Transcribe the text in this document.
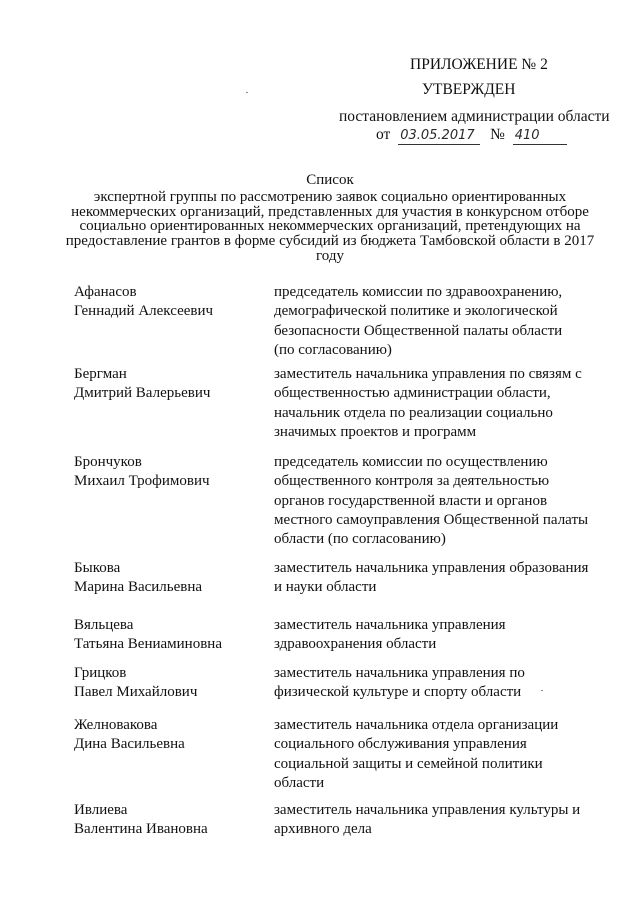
ПРИЛОЖЕНИЕ № 2
УТВЕРЖДЕН
постановлением администрации области
от 03.05.2017 № 410
Список
экспертной группы по рассмотрению заявок социально ориентированных некоммерческих организаций, представленных для участия в конкурсном отборе социально ориентированных некоммерческих организаций, претендующих на предоставление грантов в форме субсидий из бюджета Тамбовской области в 2017 году
Афанасов
Геннадий Алексеевич
председатель комиссии по здравоохранению,
демографической политике и экологической
безопасности Общественной палаты области
(по согласованию)
Бергман
Дмитрий Валерьевич
заместитель начальника управления по связям с
общественностью администрации области,
начальник отдела по реализации социально
значимых проектов и программ
Брончуков
Михаил Трофимович
председатель комиссии по осуществлению
общественного контроля за деятельностью
органов государственной власти и органов
местного самоуправления Общественной палаты
области (по согласованию)
Быкова
Марина Васильевна
заместитель начальника управления образования
и науки области
Вяльцева
Татьяна Вениаминовна
заместитель начальника управления
здравоохранения области
Грицков
Павел Михайлович
заместитель начальника управления по
физической культуре и спорту области
Желновакова
Дина Васильевна
заместитель начальника отдела организации
социального обслуживания управления
социальной защиты и семейной политики
области
Ивлиева
Валентина Ивановна
заместитель начальника управления культуры и
архивного дела
